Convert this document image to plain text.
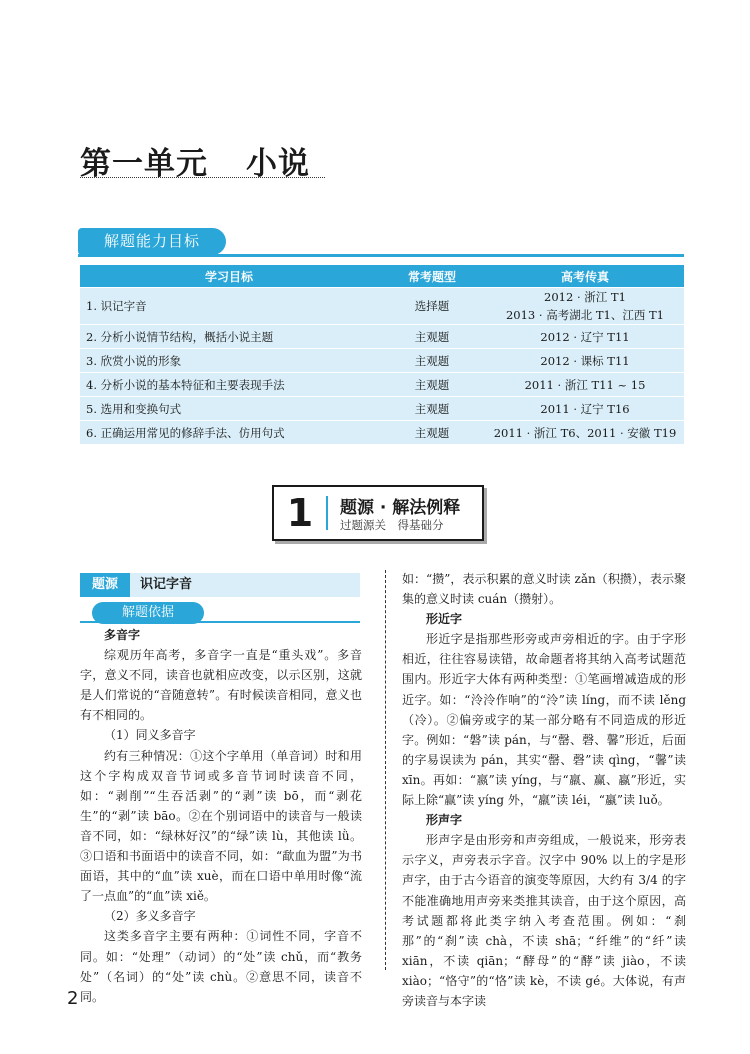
第一单元 小说
解题能力目标
学习目标	常考题型	高考传真
1. 识记字音	选择题	2012 · 浙江 T1
2013 · 高考湖北 T1、江西 T1

2. 分析小说情节结构，概括小说主题	主观题	2012 · 辽宁 T11
3. 欣赏小说的形象	主观题	2012 · 课标 T11
4. 分析小说的基本特征和主要表现手法	主观题	2011 · 浙江 T11 ~ 15
5. 选用和变换句式	主观题	2011 · 辽宁 T16
6. 正确运用常见的修辞手法、仿用句式	主观题	2011 · 浙江 T6、2011 · 安徽 T19
1	题源 · 解法例释
过题源关　得基础分
题源	识记字音
解题依据

多音字

综观历年高考，多音字一直是“重头戏”。多音字，意义不同，读音也就相应改变，以示区别，这就是人们常说的“音随意转”。有时候读音相同，意义也有不相同的。

（1）同义多音字

约有三种情况：①这个字单用（单音词）时和用这个字构成双音节词或多音节词时读音不同，如：“剥削”“生吞活剥”的“剥”读 bō，而“剥花生”的“剥”读 bāo。②在个别词语中的读音与一般读音不同，如：“绿林好汉”的“绿”读 lù，其他读 lǜ。③口语和书面语中的读音不同，如：“歃血为盟”为书面语，其中的“血”读 xuè，而在口语中单用时像“流了一点血”的“血”读 xiě。

（2）多义多音字

这类多音字主要有两种：①词性不同，字音不同。如：“处理”（动词）的“处”读 chǔ，而“教务处”（名词）的“处”读 chù。②意思不同，读音不同。

如：“攒”，表示积累的意义时读 zǎn（积攒），表示聚集的意义时读 cuán（攒射）。

形近字

形近字是指那些形旁或声旁相近的字。由于字形相近，往往容易读错，故命题者将其纳入高考试题范围内。形近字大体有两种类型：①笔画增减造成的形近字。如：“泠泠作响”的“泠”读 líng，而不读 lěng（冷）。②偏旁或字的某一部分略有不同造成的形近字。例如：“磐”读 pán，与“罄、磬、馨”形近，后面的字易误读为 pán，其实“罄、磬”读 qìng，“馨”读 xīn。再如：“嬴”读 yíng，与“羸、赢、蠃”形近，实际上除“赢”读 yíng 外，“羸”读 léi，“蠃”读 luǒ。

形声字

形声字是由形旁和声旁组成，一般说来，形旁表示字义，声旁表示字音。汉字中 90% 以上的字是形声字，由于古今语音的演变等原因，大约有 3/4 的字不能准确地用声旁来类推其读音，由于这个原因，高考试题都将此类字纳入考查范围。例如：“刹那”的“刹”读 chà，不读 shā；“纤维”的“纤”读 xiān，不读 qiān；“酵母”的“酵”读 jiào，不读 xiào；“恪守”的“恪”读 kè，不读 gé。大体说，有声旁读音与本字读

2
